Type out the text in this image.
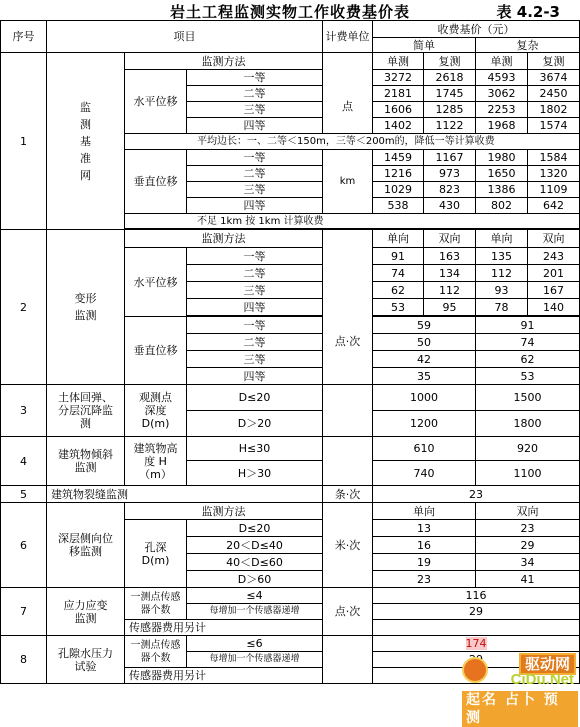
岩土工程监测实物工作收费基价表	表 4.2-3
序号	项目			计费单位	收费基价（元）			
					简单		复杂	
1	监测基准网	监测方法		点	单测	复测	单测	复测
		水平位移	一等		3272	2618	4593	3674
			二等		2181	1745	3062	2450
			三等		1606	1285	2253	1802
			四等		1402	1122	1968	1574
		平均边长：一、二等＜150m，三等＜200m的，降低一等计算收费						
		垂直位移	一等	km	1459	1167	1980	1584
			二等		1216	973	1650	1320
			三等		1029	823	1386	1109
			四等		538	430	802	642
		不足 1km 按 1km 计算收费						

2	变形监测	监测方法		点·次	单向	双向	单向	双向
		水平位移	一等		91	163	135	243
			二等		74	134	112	201
			三等		62	112	93	167
			四等		53	95	78	140

		垂直位移	一等		59		91	
			二等		50		74	
			三等		42		62	
			四等		35		53	
3	土体回弹、分层沉降监测	观测点深度 D(m)	D≤20		1000		1500	
			D＞20		1200		1800	
4	建筑物倾斜监测	建筑物高度 H（m）	H≤30		610		920	
			H＞30		740		1100	
5	建筑物裂缝监测			条·次	23			
6	深层侧向位移监测	监测方法		米·次	单向		双向	
		孔深 D(m)	D≤20		13		23	
			20＜D≤40		16		29	
			40＜D≤60		19		34	
			D＞60		23		41	
7	应力应变监测	一测点传感器个数	≤4	点·次	116			
			每增加一个传感器递增		29			
		传感器费用另计						
8	孔隙水压力试验	一测点传感器个数	≤6		174			
			每增加一个传感器递增	
		传感器费用另计						
驱动网
CiDu.Net
起名 占卜 预测
